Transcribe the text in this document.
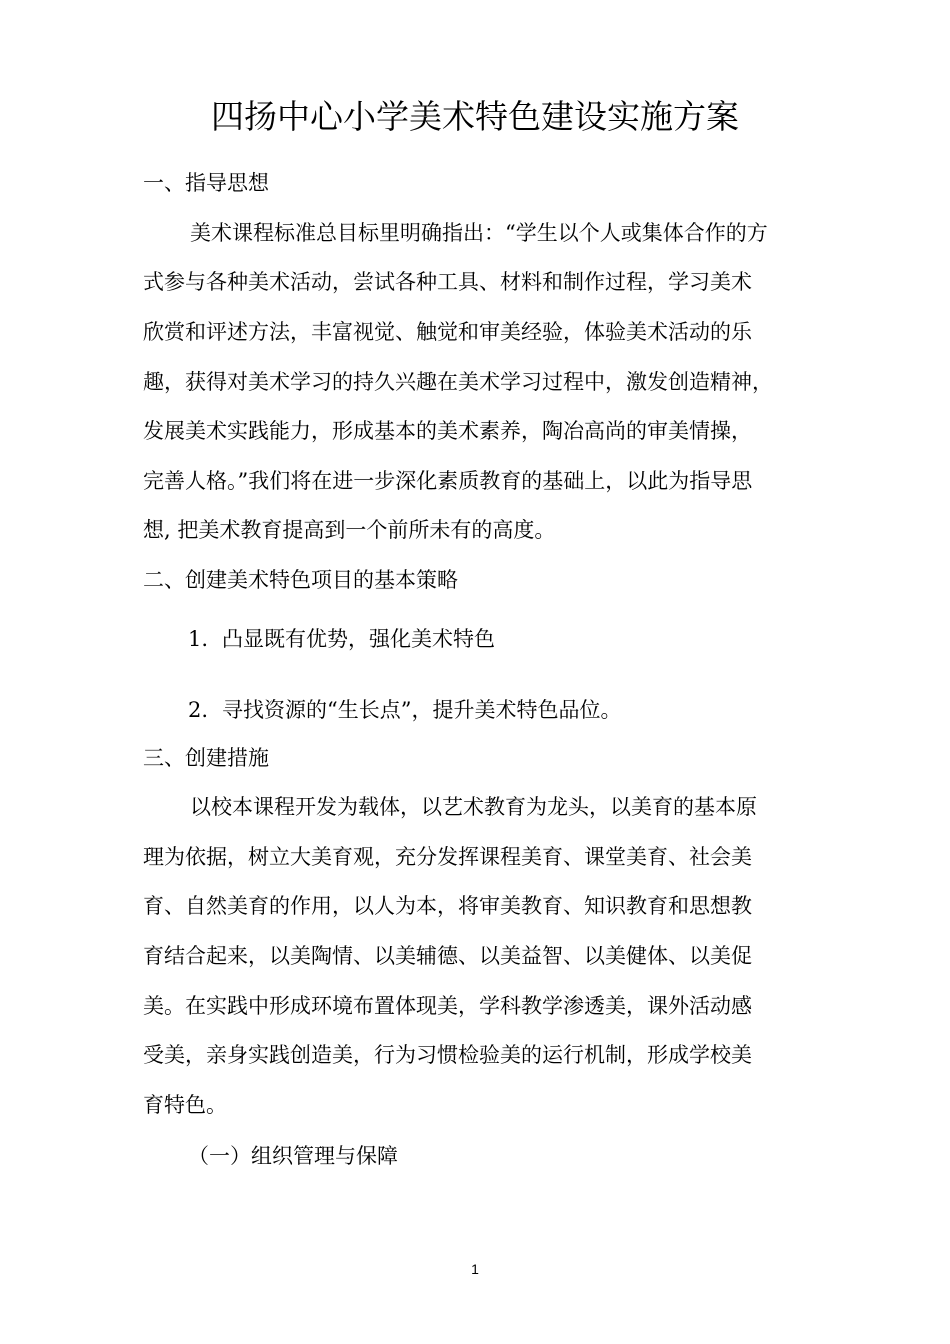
四扬中心小学美术特色建设实施方案
一、指导思想
美术课程标准总目标里明确指出：“学生以个人或集体合作的方
式参与各种美术活动，尝试各种工具、材料和制作过程，学习美术
欣赏和评述方法，丰富视觉、触觉和审美经验，体验美术活动的乐
趣，获得对美术学习的持久兴趣在美术学习过程中，激发创造精神，
发展美术实践能力，形成基本的美术素养，陶冶高尚的审美情操，
完善人格。”我们将在进一步深化素质教育的基础上，以此为指导思
想, 把美术教育提高到一个前所未有的高度。
二、创建美术特色项目的基本策略
1. 凸显既有优势，强化美术特色
2. 寻找资源的“生长点”，提升美术特色品位。
三、创建措施
以校本课程开发为载体，以艺术教育为龙头，以美育的基本原
理为依据，树立大美育观，充分发挥课程美育、课堂美育、社会美
育、自然美育的作用，以人为本，将审美教育、知识教育和思想教
育结合起来，以美陶情、以美辅德、以美益智、以美健体、以美促
美。在实践中形成环境布置体现美，学科教学渗透美，课外活动感
受美，亲身实践创造美，行为习惯检验美的运行机制，形成学校美
育特色。
（一）组织管理与保障
1
